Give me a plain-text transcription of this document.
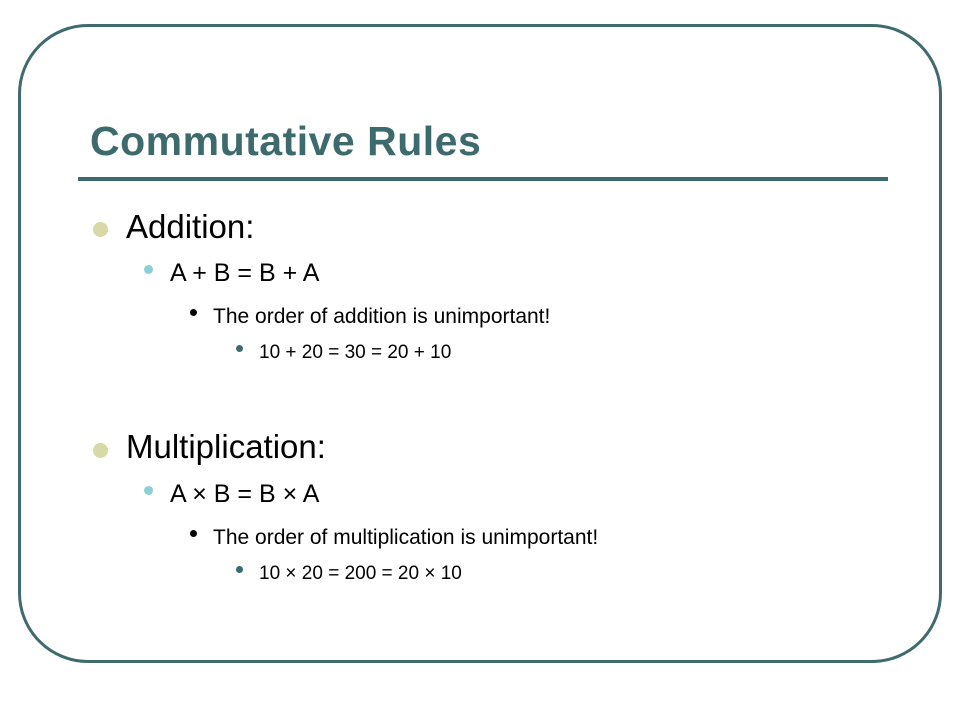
Commutative Rules
Addition:
A + B = B + A
The order of addition is unimportant!
10 + 20 = 30 = 20 + 10
Multiplication:
A × B = B × A
The order of multiplication is unimportant!
10 × 20 = 200 = 20 × 10
